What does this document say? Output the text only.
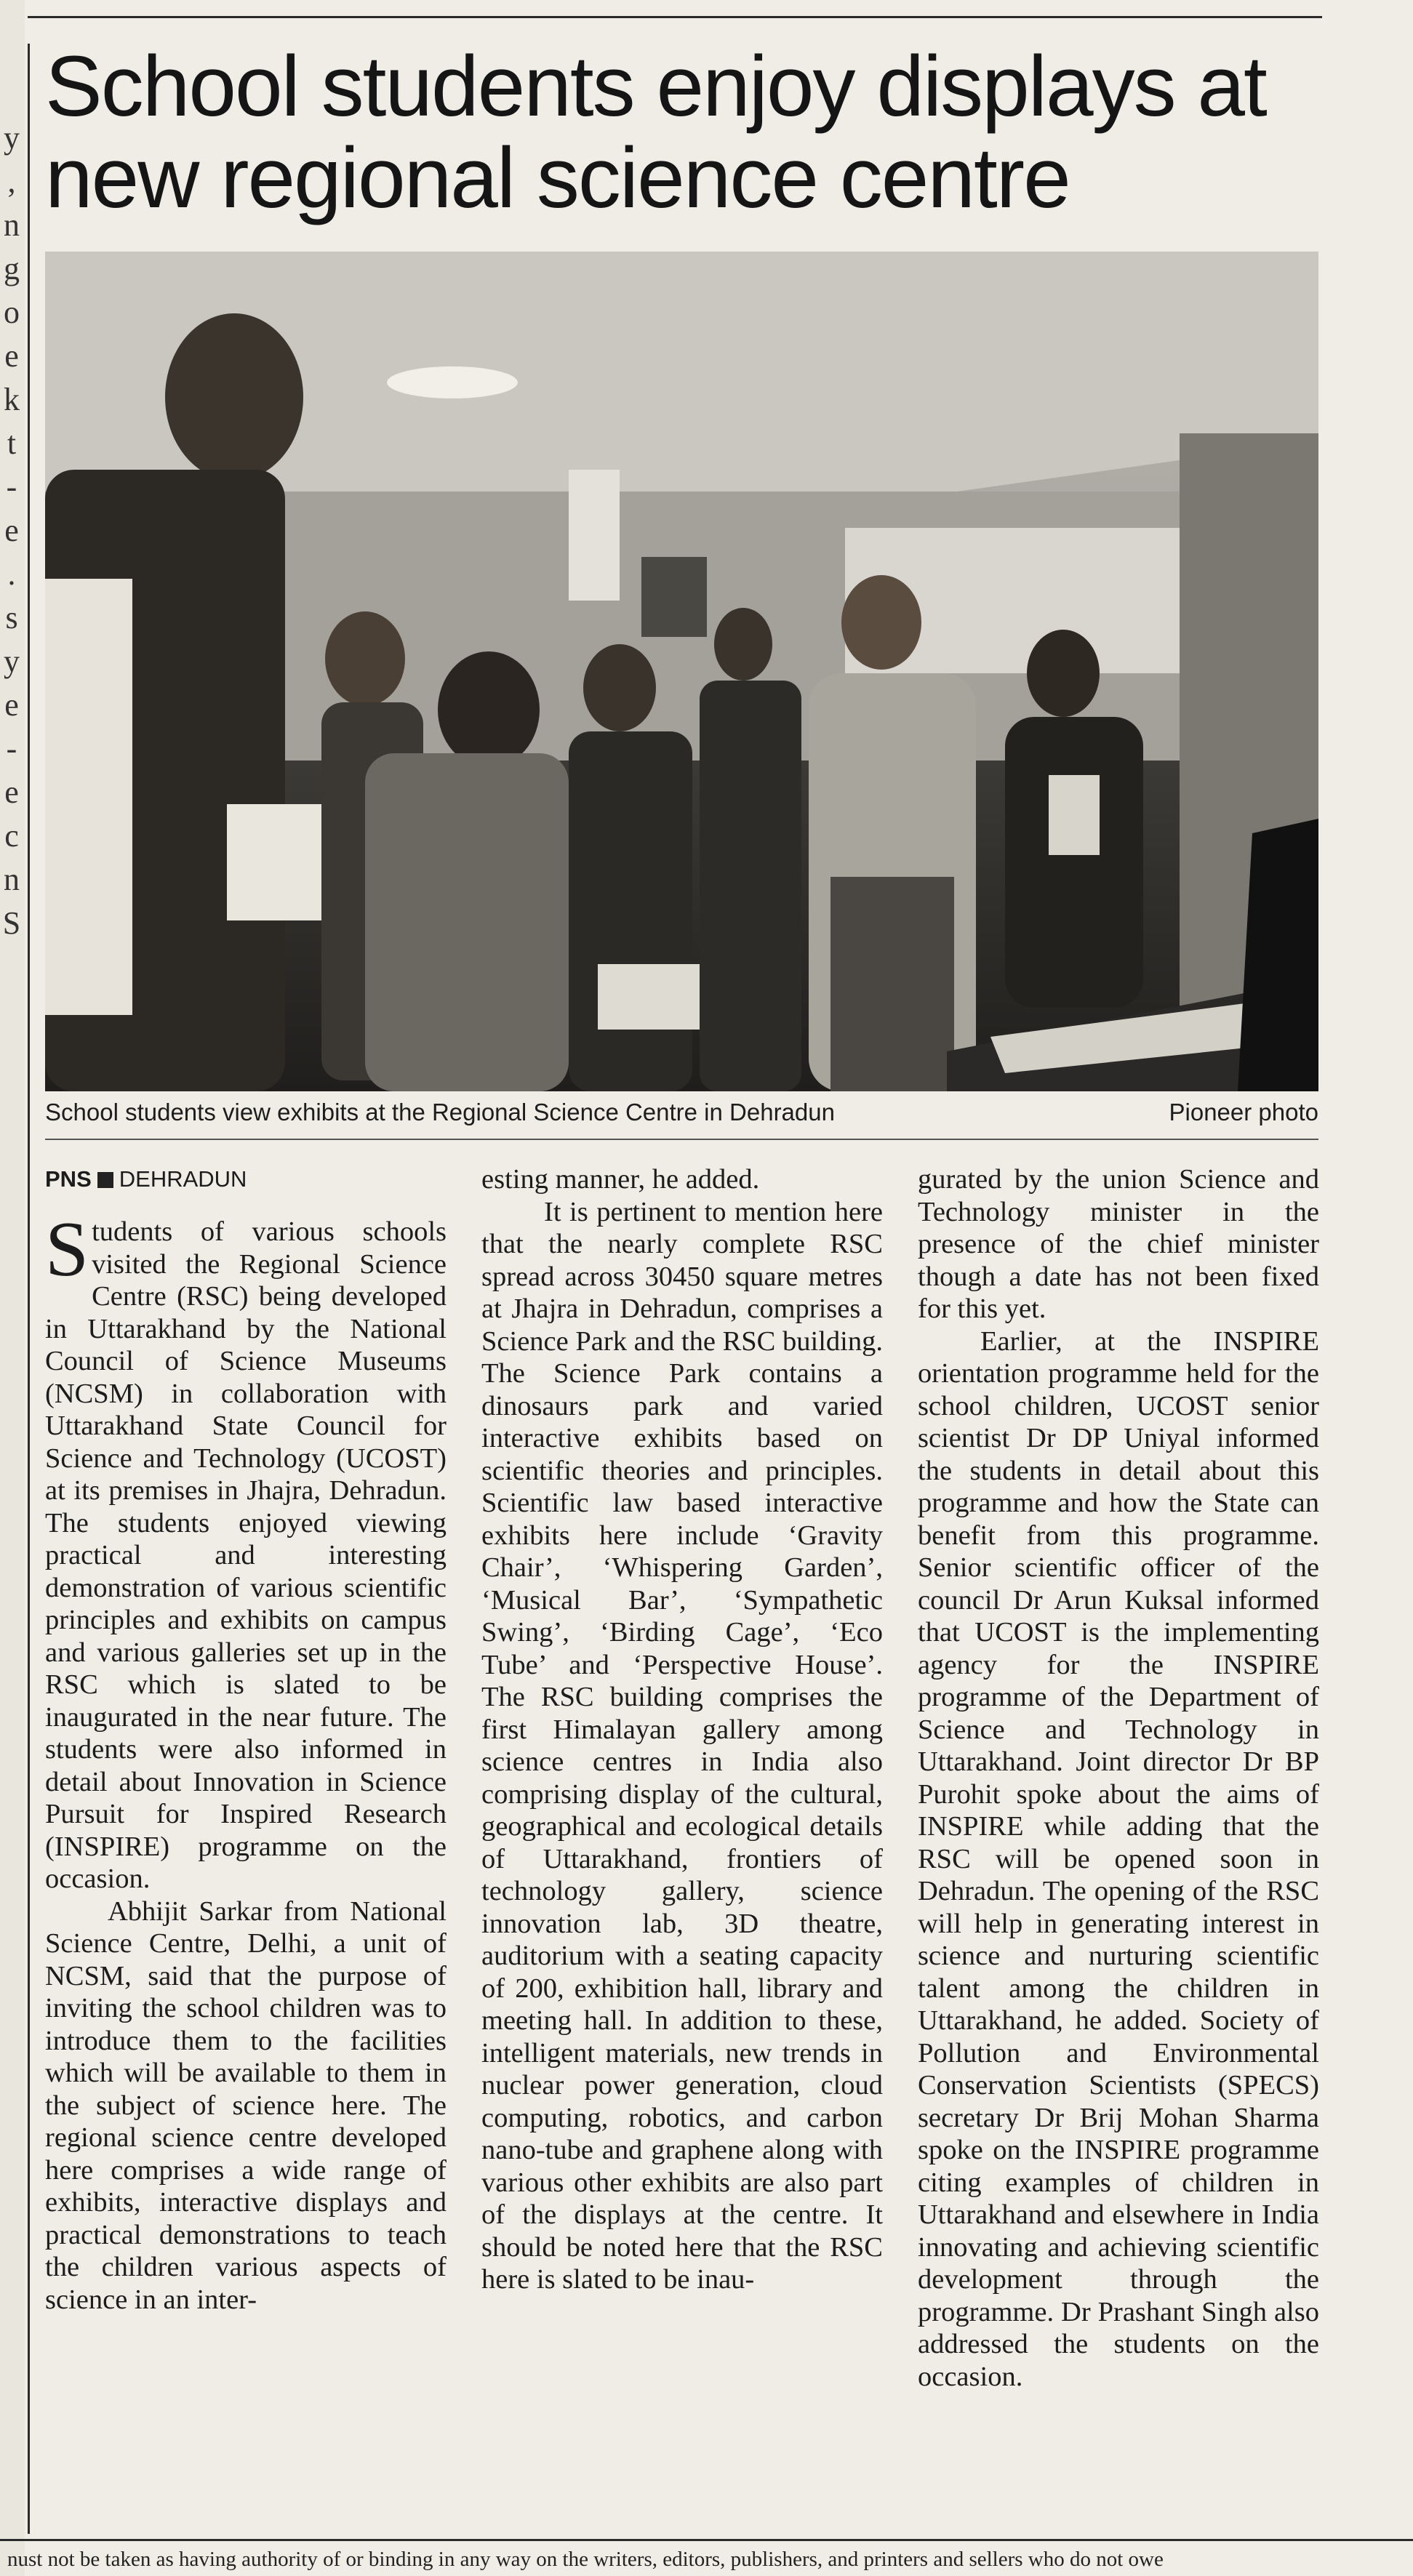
y
,
n
g
o
e
k
t
-
e
.
s
y
e
-
e
c
n
S
School students enjoy displays at new regional science centre
School students view exhibits at the Regional Science Centre in Dehradun	Pioneer photo
PNS DEHRADUN

Students of various schools visited the Regional Science Centre (RSC) being developed in Uttarakhand by the National Council of Science Museums (NCSM) in collaboration with Uttarakhand State Council for Science and Technology (UCOST) at its premises in Jhajra, Dehradun. The students enjoyed viewing practical and interesting demonstration of various scientific principles and exhibits on campus and various galleries set up in the RSC which is slated to be inaugurated in the near future. The students were also informed in detail about Innovation in Science Pursuit for Inspired Research (INSPIRE) programme on the occasion.

Abhijit Sarkar from National Science Centre, Delhi, a unit of NCSM, said that the purpose of inviting the school children was to introduce them to the facilities which will be available to them in the subject of science here. The regional science centre developed here comprises a wide range of exhibits, interactive displays and practical demonstrations to teach the children various aspects of science in an inter-

esting manner, he added.

It is pertinent to mention here that the nearly complete RSC spread across 30450 square metres at Jhajra in Dehradun, comprises a Science Park and the RSC building. The Science Park contains a dinosaurs park and varied interactive exhibits based on scientific theories and principles. Scientific law based interactive exhibits here include ‘Gravity Chair’, ‘Whispering Garden’, ‘Musical Bar’, ‘Sympathetic Swing’, ‘Birding Cage’, ‘Eco Tube’ and ‘Perspective House’. The RSC building comprises the first Himalayan gallery among science centres in India also comprising display of the cultural, geographical and ecological details of Uttarakhand, frontiers of technology gallery, science innovation lab, 3D theatre, auditorium with a seating capacity of 200, exhibition hall, library and meeting hall. In addition to these, intelligent materials, new trends in nuclear power generation, cloud computing, robotics, and carbon nano-tube and graphene along with various other exhibits are also part of the displays at the centre. It should be noted here that the RSC here is slated to be inau-

gurated by the union Science and Technology minister in the presence of the chief minister though a date has not been fixed for this yet.

Earlier, at the INSPIRE orientation programme held for the school children, UCOST senior scientist Dr DP Uniyal informed the students in detail about this programme and how the State can benefit from this programme. Senior scientific officer of the council Dr Arun Kuksal informed that UCOST is the implementing agency for the INSPIRE programme of the Department of Science and Technology in Uttarakhand. Joint director Dr BP Purohit spoke about the aims of INSPIRE while adding that the RSC will be opened soon in Dehradun. The opening of the RSC will help in generating interest in science and nurturing scientific talent among the children in Uttarakhand, he added. Society of Pollution and Environmental Conservation Scientists (SPECS) secretary Dr Brij Mohan Sharma spoke on the INSPIRE programme citing examples of children in Uttarakhand and elsewhere in India innovating and achieving scientific development through the programme. Dr Prashant Singh also addressed the students on the occasion.

nust not be taken as having authority of or binding in any way on the writers, editors, publishers, and printers and sellers who do not owe
